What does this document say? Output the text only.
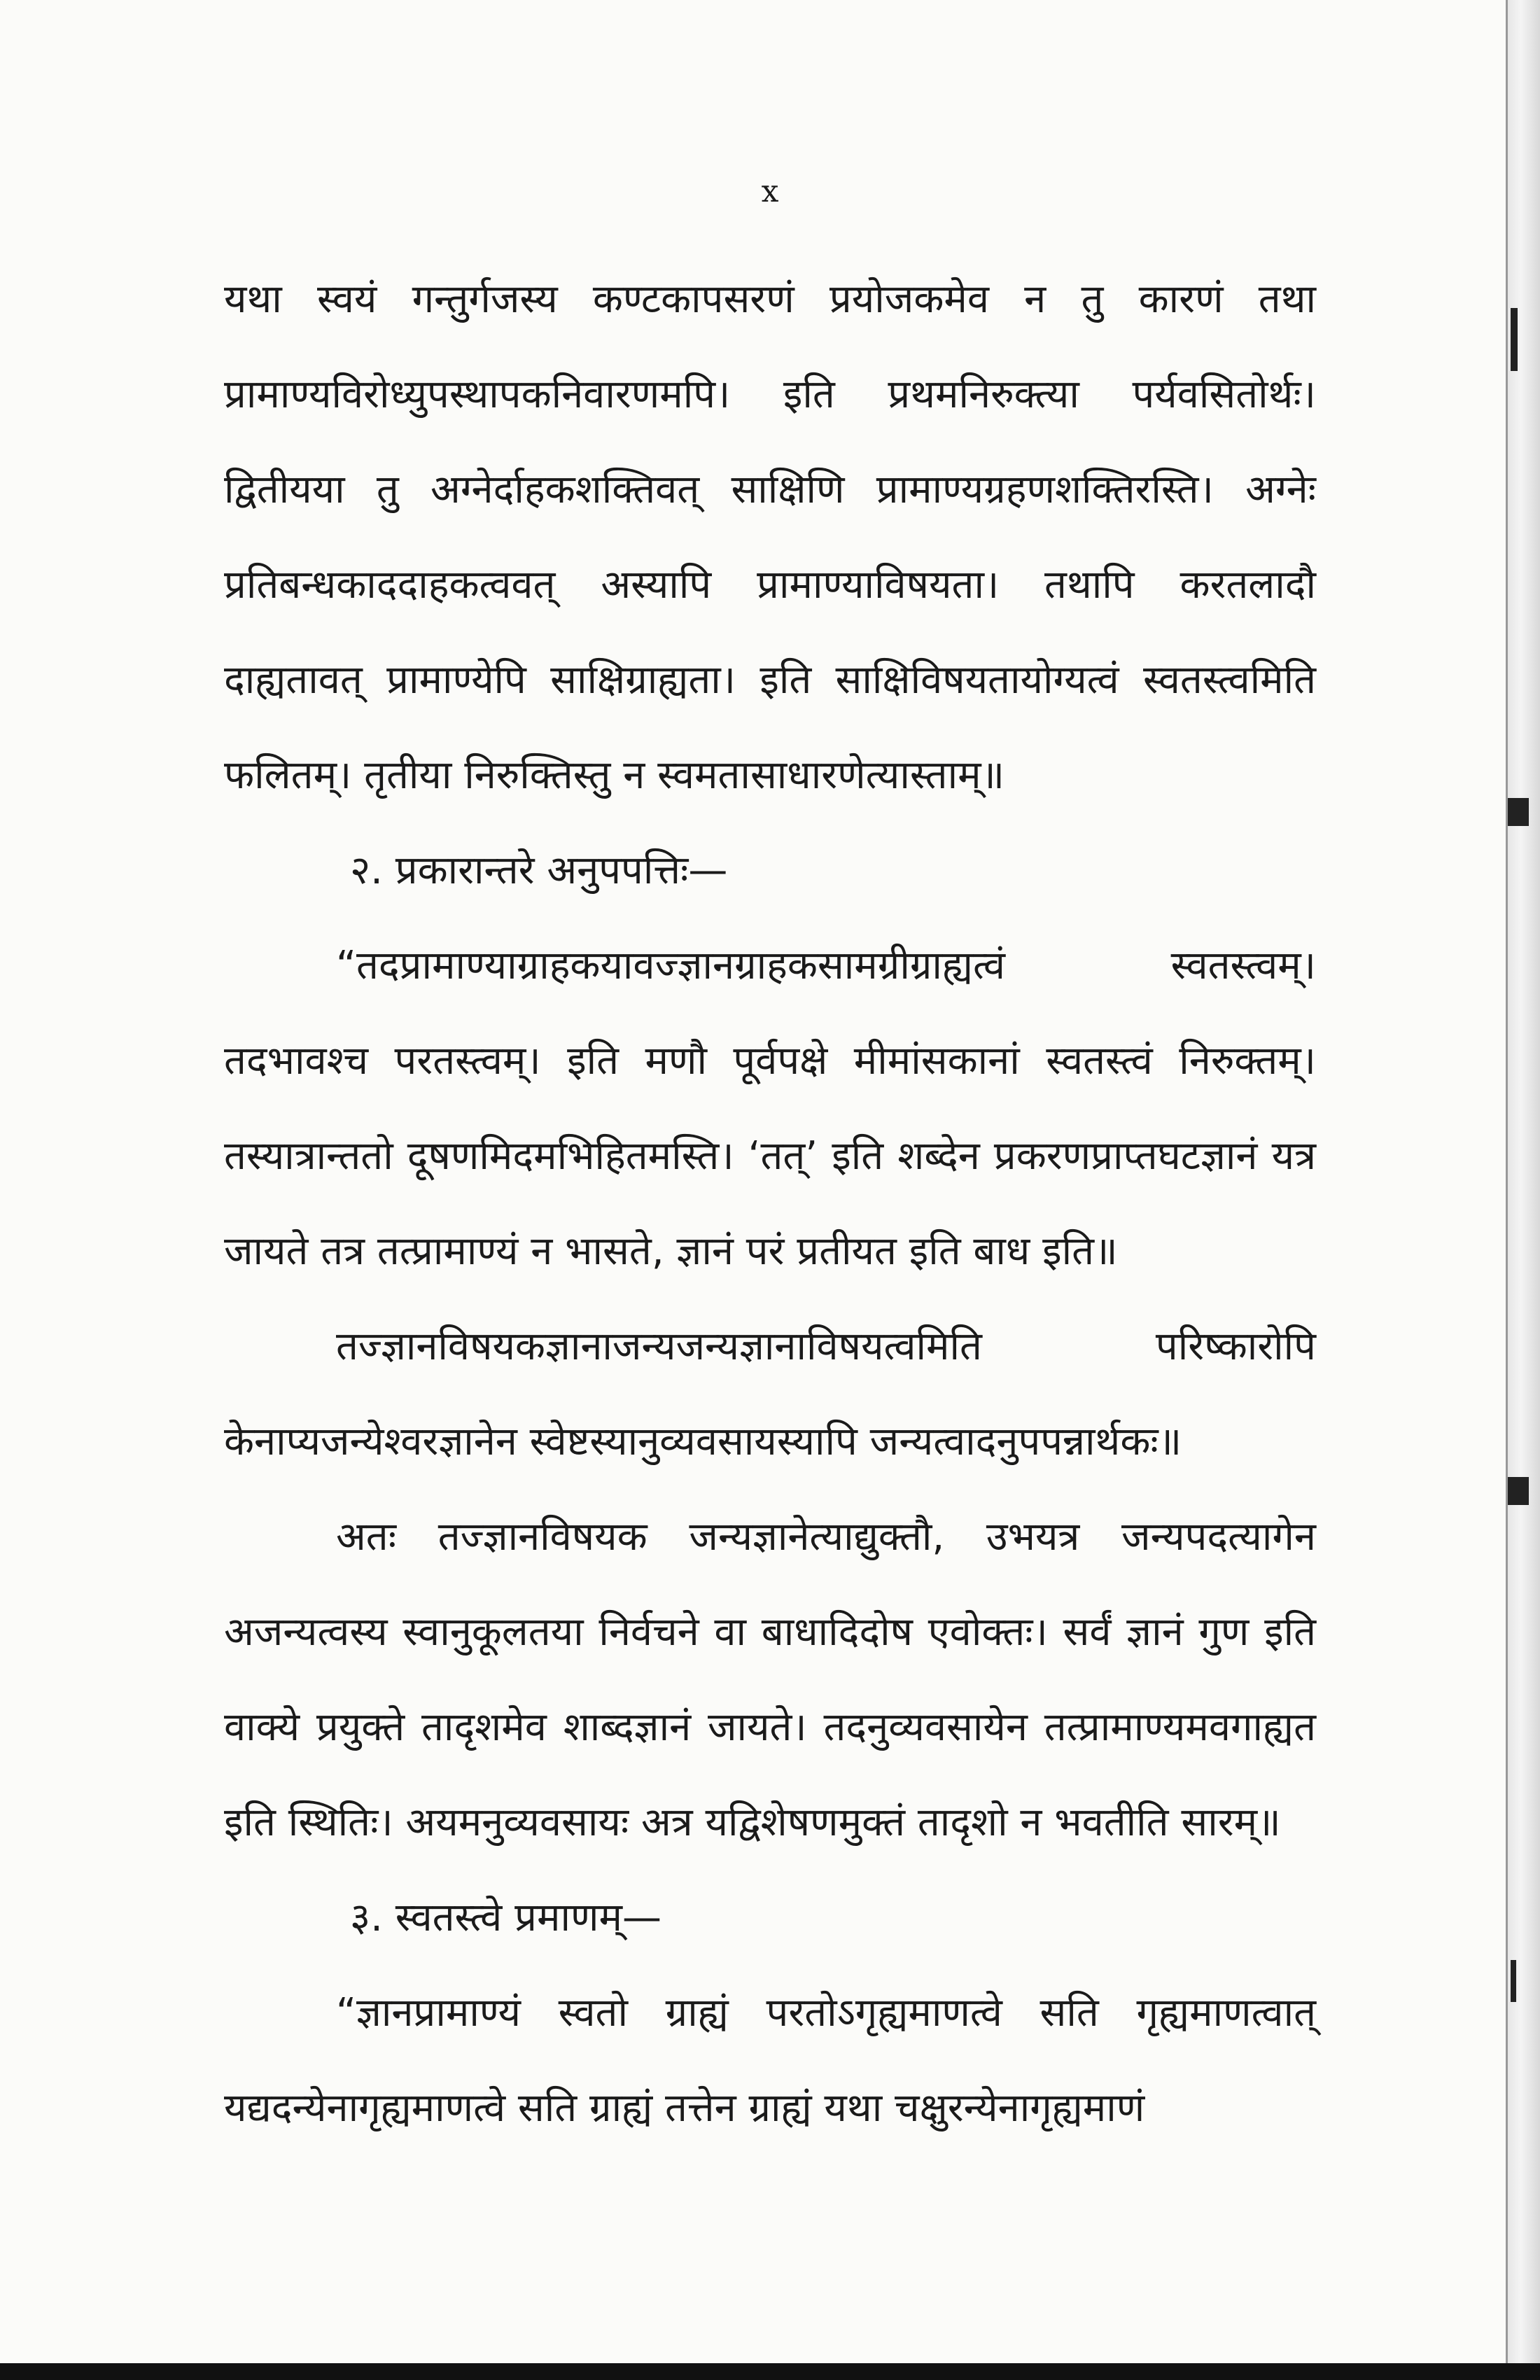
x

यथा स्वयं गन्तुर्गजस्य कण्टकापसरणं प्रयोजकमेव न तु कारणं तथा प्रामाण्यविरोध्युपस्थापकनिवारणमपि। इति प्रथमनिरुक्त्या पर्यवसितोर्थः। द्वितीयया तु अग्नेर्दाहकशक्तिवत् साक्षिणि प्रामाण्यग्रहणशक्तिरस्ति। अग्नेः प्रतिबन्धकाददाहकत्ववत् अस्यापि प्रामाण्याविषयता। तथापि करतलादौ दाह्यतावत् प्रामाण्येपि साक्षिग्राह्यता। इति साक्षिविषयतायोग्यत्वं स्वतस्त्वमिति फलितम्। तृतीया निरुक्तिस्तु न स्वमतासाधारणेत्यास्ताम्॥

२. प्रकारान्तरे अनुपपत्तिः—

“तदप्रामाण्याग्राहकयावज्ज्ञानग्राहकसामग्रीग्राह्यत्वं स्वतस्त्वम्। तदभावश्च परतस्त्वम्। इति मणौ पूर्वपक्षे मीमांसकानां स्वतस्त्वं निरुक्तम्। तस्यात्रान्ततो दूषणमिदमभिहितमस्ति। ‘तत्’ इति शब्देन प्रकरणप्राप्तघटज्ञानं यत्र जायते तत्र तत्प्रामाण्यं न भासते, ज्ञानं परं प्रतीयत इति बाध इति॥

तज्ज्ञानविषयकज्ञानाजन्यजन्यज्ञानाविषयत्वमिति परिष्कारोपि केनाप्यजन्येश्वरज्ञानेन स्वेष्टस्यानुव्यवसायस्यापि जन्यत्वादनुपपन्नार्थकः॥

अतः तज्ज्ञानविषयक जन्यज्ञानेत्याद्युक्तौ, उभयत्र जन्यपदत्यागेन अजन्यत्वस्य स्वानुकूलतया निर्वचने वा बाधादिदोष एवोक्तः। सर्वं ज्ञानं गुण इति वाक्ये प्रयुक्ते तादृशमेव शाब्दज्ञानं जायते। तदनुव्यवसायेन तत्प्रामाण्यमवगाह्यत इति स्थितिः। अयमनुव्यवसायः अत्र यद्विशेषणमुक्तं तादृशो न भवतीति सारम्॥

३. स्वतस्त्वे प्रमाणम्—

“ज्ञानप्रामाण्यं स्वतो ग्राह्यं परतोऽगृह्यमाणत्वे सति गृह्यमाणत्वात् यद्यदन्येनागृह्यमाणत्वे सति ग्राह्यं तत्तेन ग्राह्यं यथा चक्षुरन्येनागृह्यमाणं
